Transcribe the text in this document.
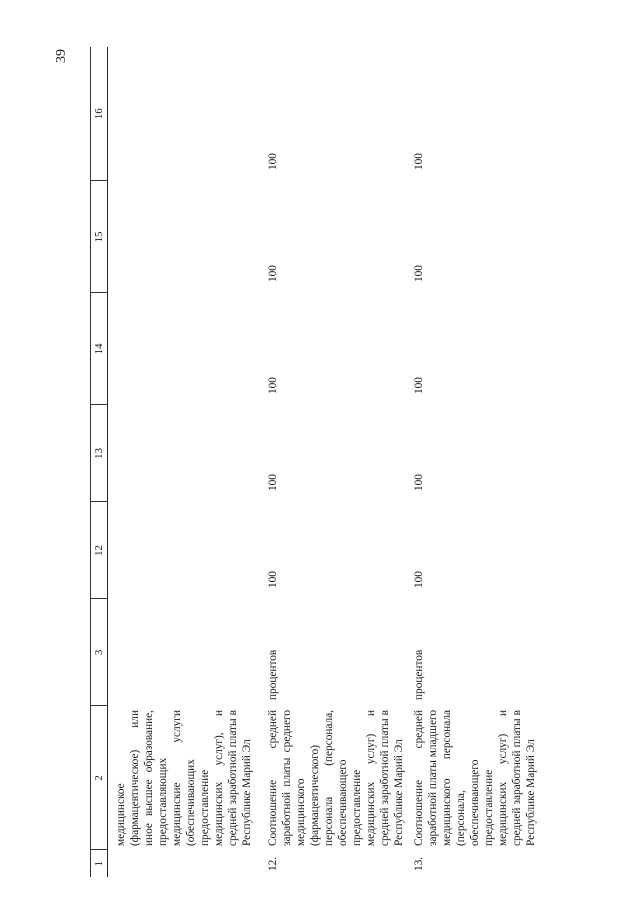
39
1	2	3	12	13	14	15	16
	медицинское (фармацевтическое) или иное высшее образование, предоставляющих медицинские услуги (обеспечивающих предоставление медицинских услуг), и средней заработной платы в Республике Марий Эл						
12.	Соотношение средней заработной платы среднего медицинского (фармацевтического) персонала (персонала, обеспечивающего предоставление медицинских услуг) и средней заработной платы в Республике Марий Эл	процентов	100	100	100	100	100
13.	Соотношение средней заработной платы младшего медицинского персонала (персонала, обеспечивающего предоставление медицинских услуг) и средней заработной платы в Республике Марий Эл	процентов	100	100	100	100	100
